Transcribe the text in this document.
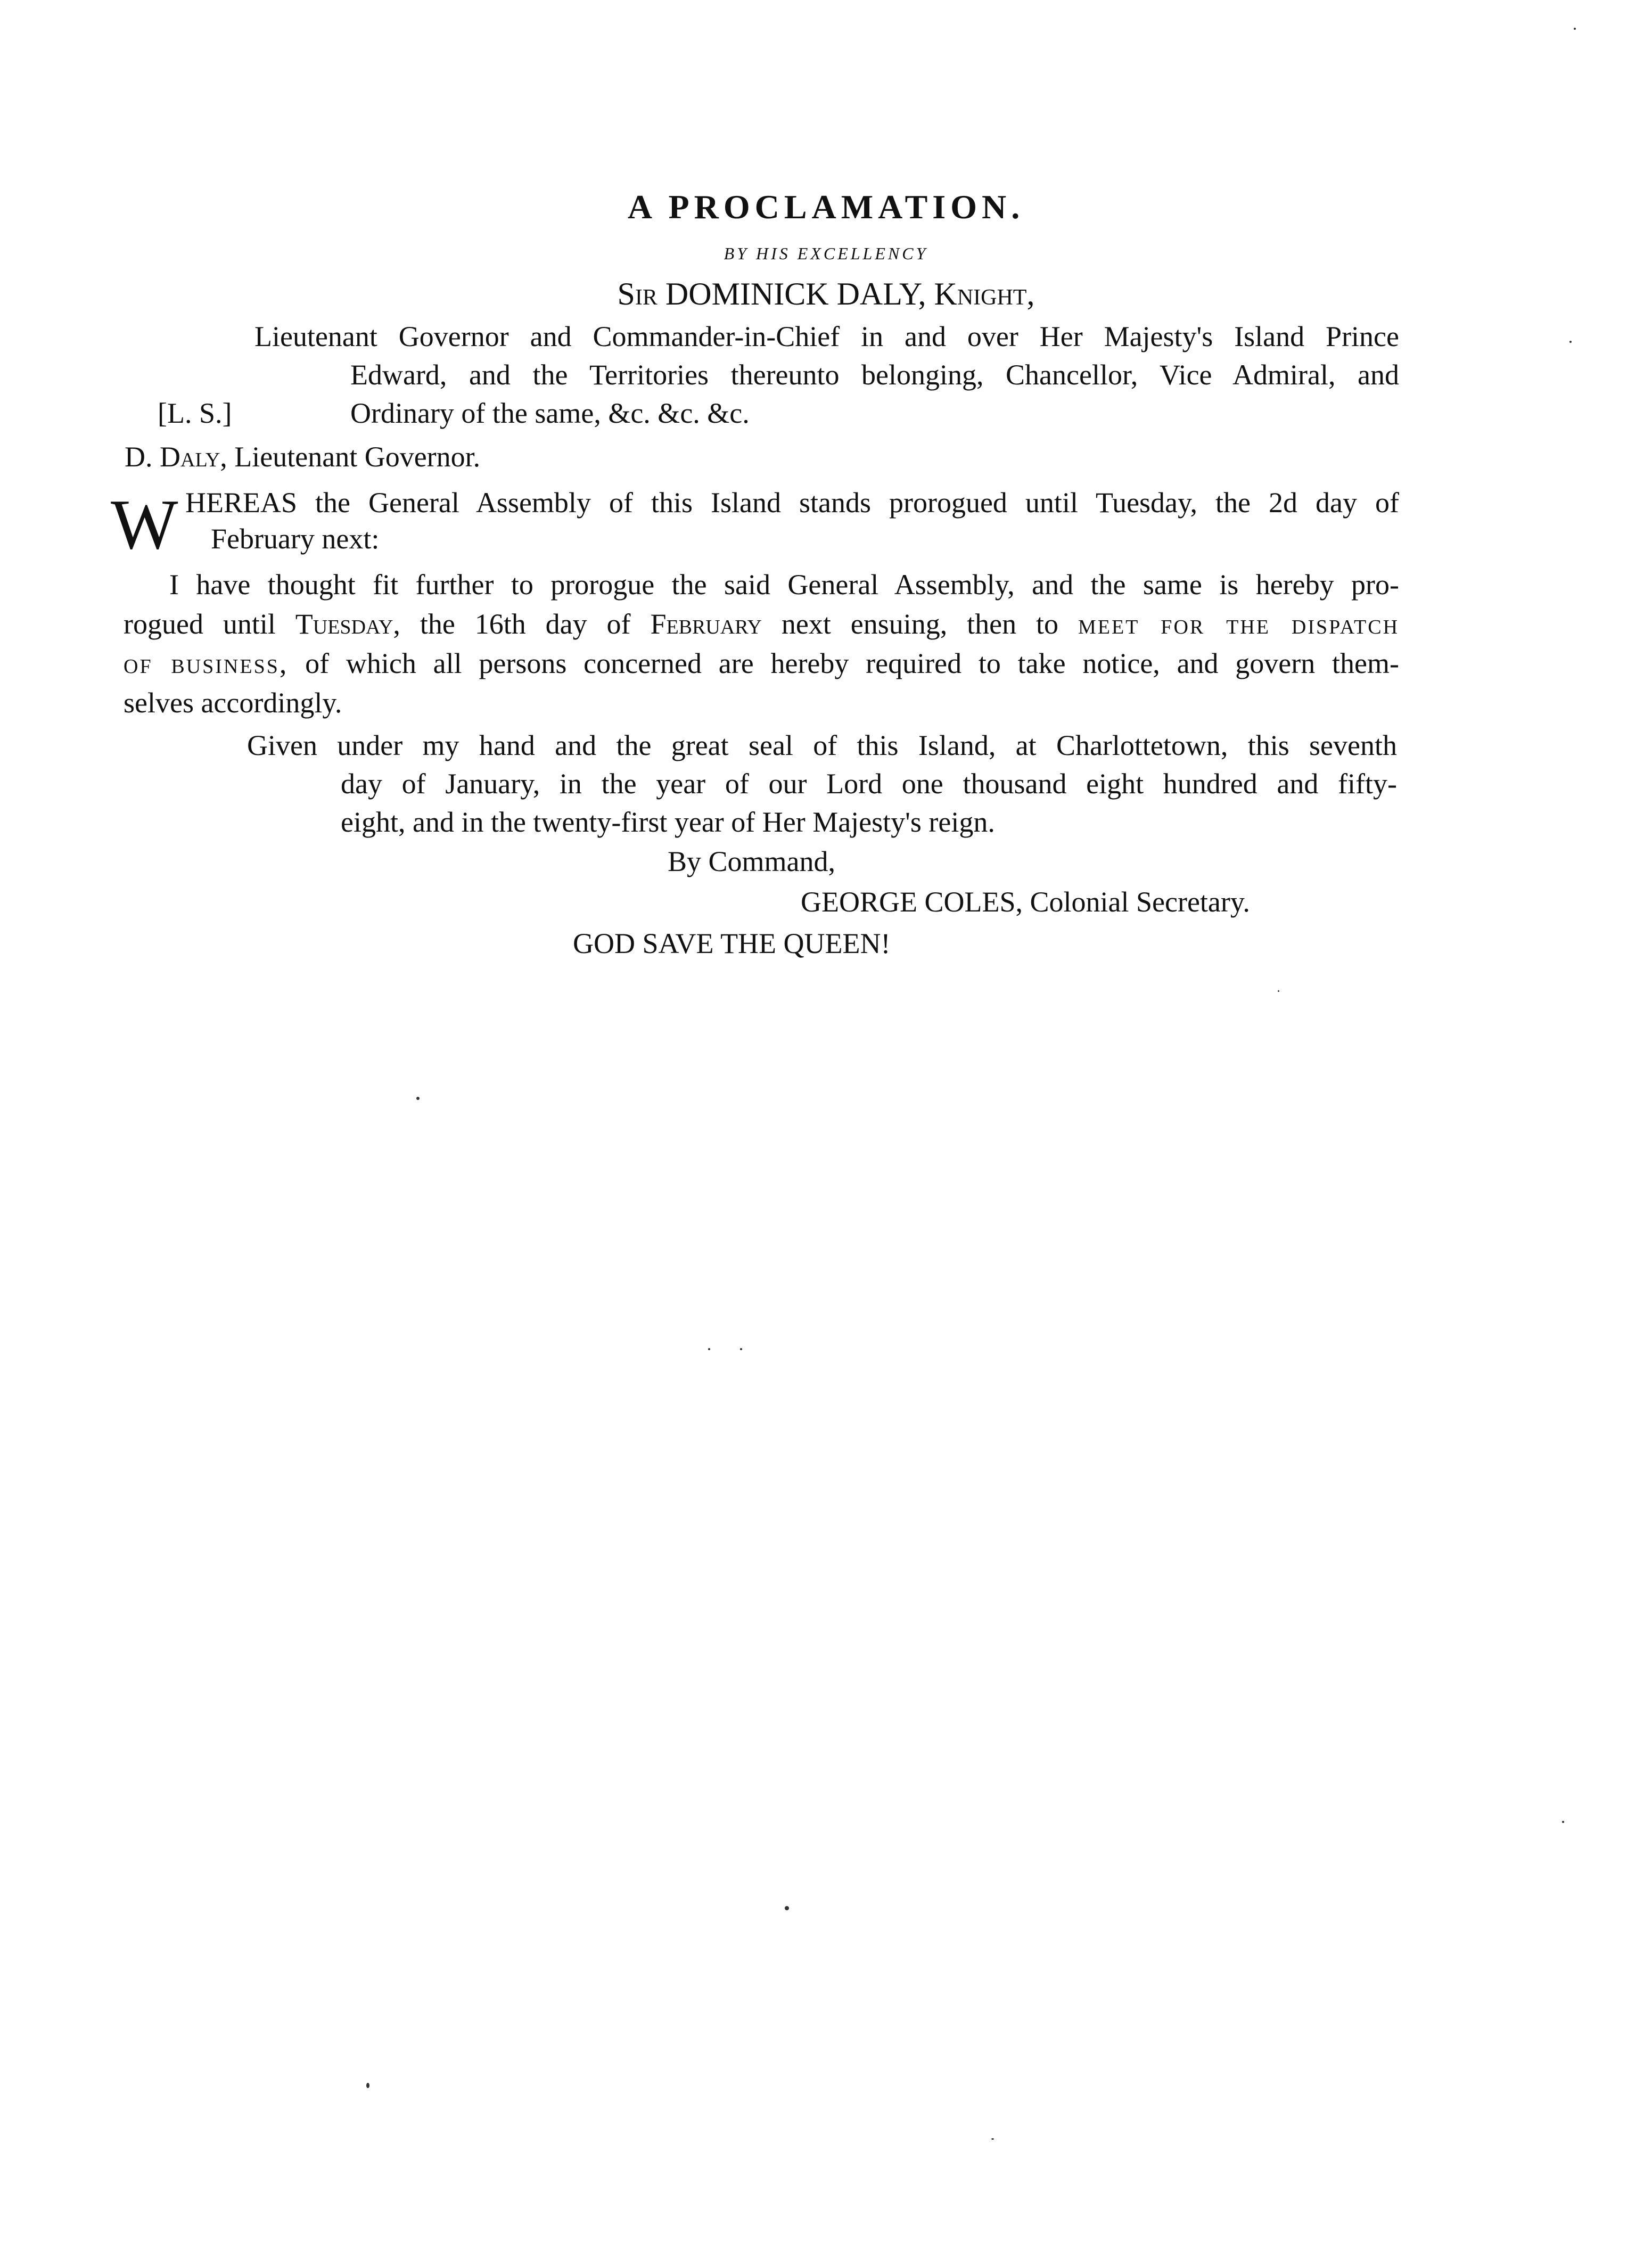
A PROCLAMATION.
BY HIS EXCELLENCY
Sir DOMINICK DALY, Knight,
Lieutenant Governor and Commander-in-Chief in and over Her Majesty's Island Prince
Edward, and the Territories thereunto belonging, Chancellor, Vice Admiral, and
[L. S.]	Ordinary of the same, &c. &c. &c.
D. Daly, Lieutenant Governor.
W HEREAS the General Assembly of this Island stands prorogued until Tuesday, the 2d day of
February next:
I have thought fit further to prorogue the said General Assembly, and the same is hereby pro-
rogued until Tuesday, the 16th day of February next ensuing, then to meet for the dispatch
of business, of which all persons concerned are hereby required to take notice, and govern them-
selves accordingly.
Given under my hand and the great seal of this Island, at Charlottetown, this seventh
day of January, in the year of our Lord one thousand eight hundred and fifty-
eight, and in the twenty-first year of Her Majesty's reign.
By Command,
GEORGE COLES, Colonial Secretary.
GOD SAVE THE QUEEN!
